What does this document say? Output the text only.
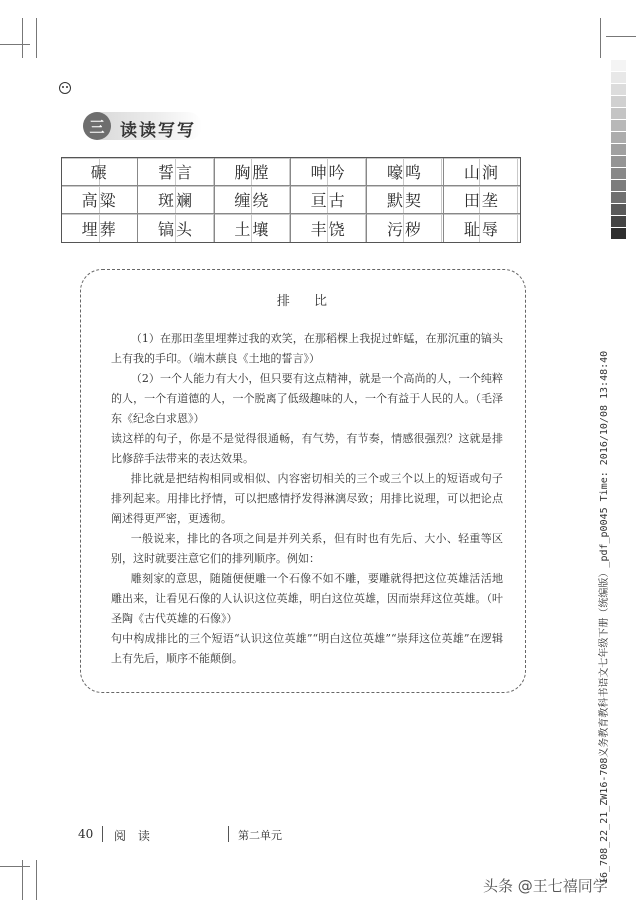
三 读读写写
碾	誓言	胸膛	呻吟	嚎鸣	山涧
高粱	斑斓	缠绕	亘古	默契	田垄
埋葬	镐头	土壤	丰饶	污秽	耻辱
排 比

（1）在那田垄里埋葬过我的欢笑，在那稻棵上我捉过蚱蜢，在那沉重的镐头上有我的手印。（端木蕻良《土地的誓言》）

（2）一个人能力有大小，但只要有这点精神，就是一个高尚的人，一个纯粹的人，一个有道德的人，一个脱离了低级趣味的人，一个有益于人民的人。（毛泽东《纪念白求恩》）

读这样的句子，你是不是觉得很通畅，有气势，有节奏，情感很强烈？这就是排比修辞手法带来的表达效果。

排比就是把结构相同或相似、内容密切相关的三个或三个以上的短语或句子排列起来。用排比抒情，可以把感情抒发得淋漓尽致；用排比说理，可以把论点阐述得更严密，更透彻。

一般说来，排比的各项之间是并列关系，但有时也有先后、大小、轻重等区别，这时就要注意它们的排列顺序。例如：

雕刻家的意思，随随便便雕一个石像不如不雕，要雕就得把这位英雄活活地雕出来，让看见石像的人认识这位英雄，明白这位英雄，因而崇拜这位英雄。（叶圣陶《古代英雄的石像》）

句中构成排比的三个短语“认识这位英雄”“明白这位英雄”“崇拜这位英雄”在逻辑上有先后，顺序不能颠倒。

40 阅 读	第二单元	16_708_22_21_ZW16-708义务教育教科书语文七年级下册（统编版）_pdf_p0045 Time: 2016/10/08 13:48:40
头条 @王七禧同学
